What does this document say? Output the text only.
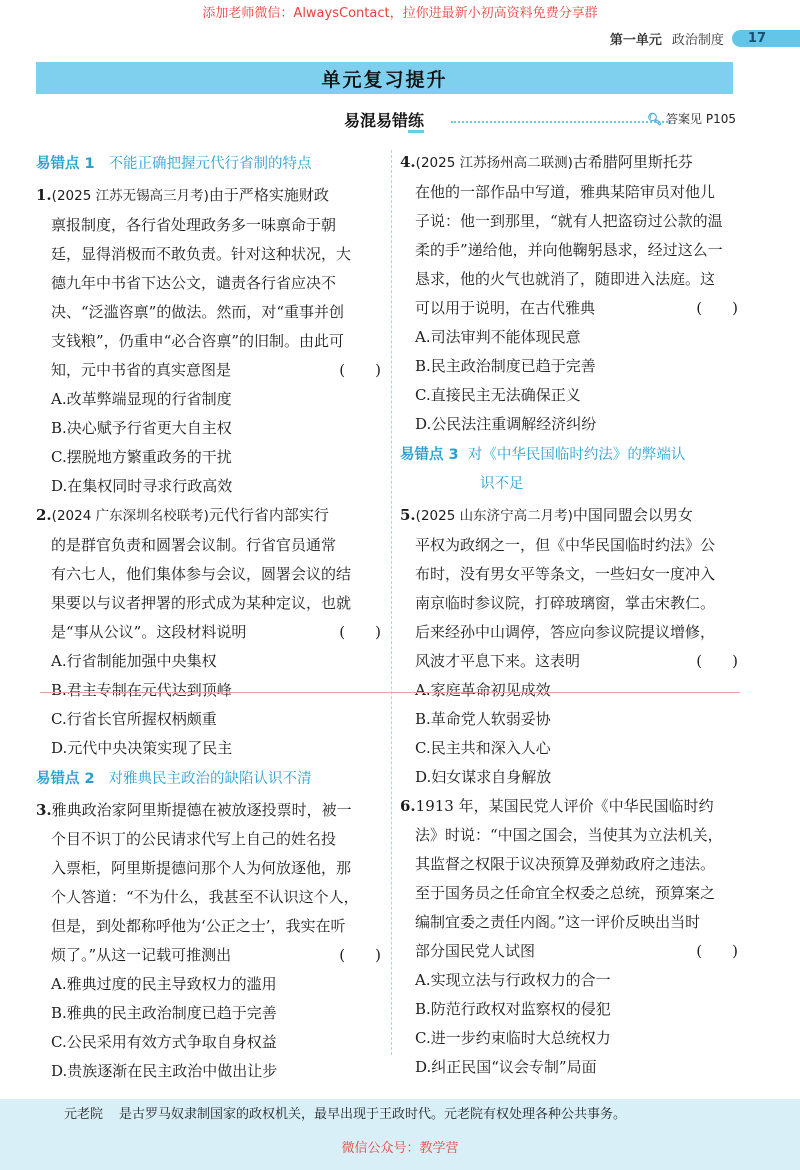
添加老师微信：AlwaysContact，拉你进最新小初高资料免费分享群
第一单元 政治制度	17
单元复习提升
易混易错练	🔍︎ 答案见 P105
易错点 1 不能正确把握元代行省制的特点

1.(2025 江苏无锡高三月考)由于严格实施财政

禀报制度，各行省处理政务多一味禀命于朝

廷，显得消极而不敢负责。针对这种状况，大

德九年中书省下达公文，谴责各行省应决不

决、“泛滥咨禀”的做法。然而，对“重事并创

支钱粮”，仍重申“必合咨禀”的旧制。由此可

知，元中书省的真实意图是	(　　)

A.改革弊端显现的行省制度

B.决心赋予行省更大自主权

C.摆脱地方繁重政务的干扰

D.在集权同时寻求行政高效

2.(2024 广东深圳名校联考)元代行省内部实行

的是群官负责和圆署会议制。行省官员通常

有六七人，他们集体参与会议，圆署会议的结

果要以与议者押署的形式成为某种定议，也就

是“事从公议”。这段材料说明	(　　)

A.行省制能加强中央集权

B.君主专制在元代达到顶峰

C.行省长官所握权柄颇重

D.元代中央决策实现了民主

易错点 2 对雅典民主政治的缺陷认识不清

3.雅典政治家阿里斯提德在被放逐投票时，被一

个目不识丁的公民请求代写上自己的姓名投

入票柜，阿里斯提德问那个人为何放逐他，那

个人答道：“不为什么，我甚至不认识这个人，

但是，到处都称呼他为‘公正之士’，我实在听

烦了。”从这一记载可推测出	(　　)

A.雅典过度的民主导致权力的滥用

B.雅典的民主政治制度已趋于完善

C.公民采用有效方式争取自身权益

D.贵族逐渐在民主政治中做出让步

4.(2025 江苏扬州高二联测)古希腊阿里斯托芬

在他的一部作品中写道，雅典某陪审员对他儿

子说：他一到那里，“就有人把盗窃过公款的温

柔的手”递给他，并向他鞠躬恳求，经过这么一

恳求，他的火气也就消了，随即进入法庭。这

可以用于说明，在古代雅典	(　　)

A.司法审判不能体现民意

B.民主政治制度已趋于完善

C.直接民主无法确保正义

D.公民法注重调解经济纠纷

易错点 3 对《中华民国临时约法》的弊端认
识不足

5.(2025 山东济宁高二月考)中国同盟会以男女

平权为政纲之一，但《中华民国临时约法》公

布时，没有男女平等条文，一些妇女一度冲入

南京临时参议院，打碎玻璃窗，掌击宋教仁。

后来经孙中山调停，答应向参议院提议增修，

风波才平息下来。这表明	(　　)

A.家庭革命初见成效

B.革命党人软弱妥协

C.民主共和深入人心

D.妇女谋求自身解放

6.1913 年，某国民党人评价《中华民国临时约

法》时说：“中国之国会，当使其为立法机关，

其监督之权限于议决预算及弹劾政府之违法。

至于国务员之任命宜全权委之总统，预算案之

编制宜委之责任内阁。”这一评价反映出当时

部分国民党人试图	(　　)

A.实现立法与行政权力的合一

B.防范行政权对监察权的侵犯

C.进一步约束临时大总统权力

D.纠正民国“议会专制”局面

元老院 是古罗马奴隶制国家的政权机关，最早出现于王政时代。元老院有权处理各种公共事务。
微信公众号：教学营
